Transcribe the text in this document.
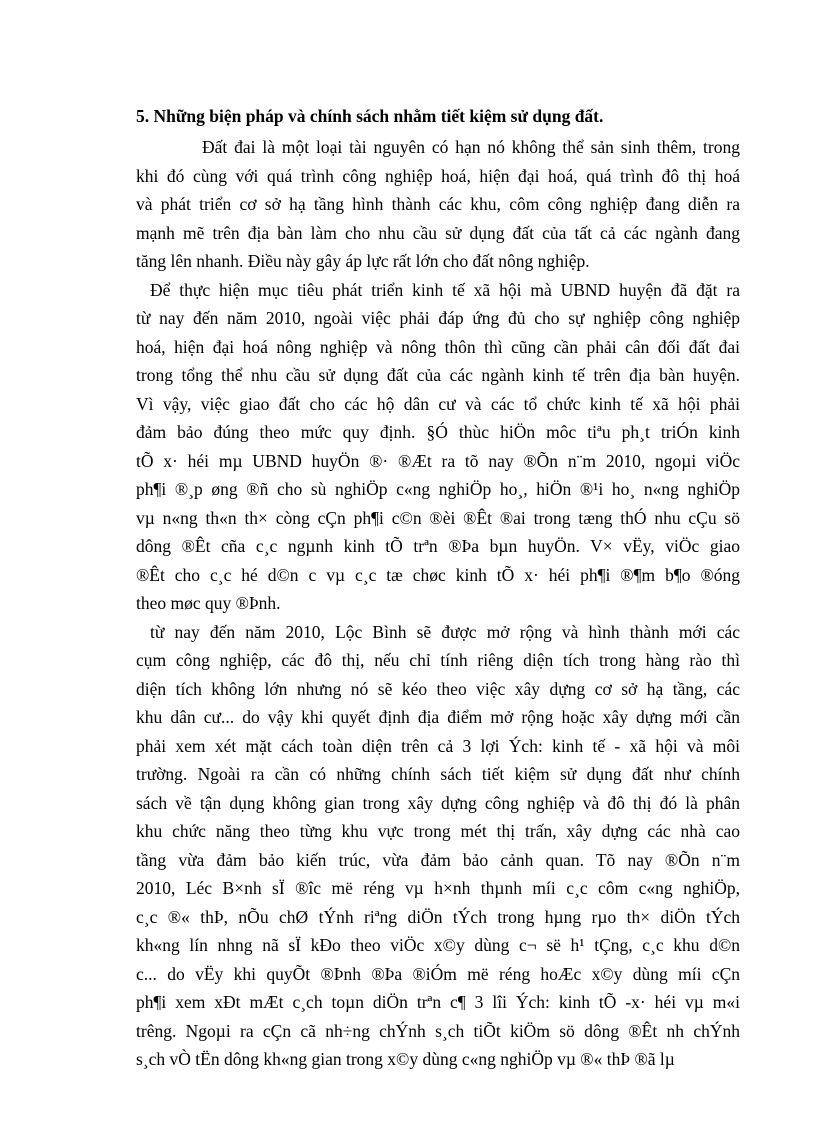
5. Những biện pháp và chính sách nhằm tiết kiệm sử dụng đất.
Đất đai là một loại tài nguyên có hạn nó không thể sản sinh thêm, trong
khi đó cùng với quá trình công nghiệp hoá, hiện đại hoá, quá trình đô thị hoá
và phát triển cơ sở hạ tầng hình thành các khu, côm công nghiệp đang diễn ra
mạnh mẽ trên địa bàn làm cho nhu cầu sử dụng đất của tất cả các ngành đang
tăng lên nhanh. Điều này gây áp lực rất lớn cho đất nông nghiệp.
Để thực hiện mục tiêu phát triển kinh tế xã hội mà UBND huyện đã đặt ra
từ nay đến năm 2010, ngoài việc phải đáp ứng đủ cho sự nghiệp công nghiệp
hoá, hiện đại hoá nông nghiệp và nông thôn thì cũng cần phải cân đối đất đai
trong tổng thể nhu cầu sử dụng đất của các ngành kinh tế trên địa bàn huyện.
Vì vậy, việc giao đất cho các hộ dân cư và các tổ chức kinh tế xã hội phải
đảm bảo đúng theo mức quy định. §Ó thùc hiÖn môc tiªu ph¸t triÓn kinh
tÕ x· héi mµ UBND huyÖn ®· ®Æt ra tõ nay ®Õn n¨m 2010, ngoµi viÖc
ph¶i ®¸p øng ®ñ cho sù nghiÖp c«ng nghiÖp ho¸, hiÖn ®¹i ho¸ n«ng nghiÖp
vµ n«ng th«n th× còng cÇn ph¶i c©n ®èi ®Êt ®ai trong tæng thÓ nhu cÇu sö
dông ®Êt cña c¸c ngµnh kinh tÕ trªn ®Þa bµn huyÖn. V× vËy, viÖc giao
®Êt cho c¸c hé d©n c vµ c¸c tæ chøc kinh tÕ x· héi ph¶i ®¶m b¶o ®óng
theo møc quy ®Þnh.
từ nay đến năm 2010, Lộc Bình sẽ được mở rộng và hình thành mới các
cụm công nghiệp, các đô thị, nếu chỉ tính riêng diện tích trong hàng rào thì
diện tích không lớn nhưng nó sẽ kéo theo việc xây dựng cơ sở hạ tầng, các
khu dân cư... do vậy khi quyết định địa điểm mở rộng hoặc xây dựng mới cần
phải xem xét mặt cách toàn diện trên cả 3 lợi Ých: kinh tế - xã hội và môi
trường. Ngoài ra cần có những chính sách tiết kiệm sử dụng đất như chính
sách về tận dụng không gian trong xây dựng công nghiệp và đô thị đó là phân
khu chức năng theo từng khu vực trong mét thị trấn, xây dựng các nhà cao
tầng vừa đảm bảo kiến trúc, vừa đảm bảo cảnh quan. Tõ nay ®Õn n¨m
2010, Léc B×nh sÏ ®îc më réng vµ h×nh thµnh míi c¸c côm c«ng nghiÖp,
c¸c ®« thÞ, nÕu chØ tÝnh riªng diÖn tÝch trong hµng rµo th× diÖn tÝch
kh«ng lín nhng nã sÏ kÐo theo viÖc x©y dùng c¬ së h¹ tÇng, c¸c khu d©n
c... do vËy khi quyÕt ®Þnh ®Þa ®iÓm më réng hoÆc x©y dùng míi cÇn
ph¶i xem xÐt mÆt c¸ch toµn diÖn trªn c¶ 3 lîi Ých: kinh tÕ -x· héi vµ m«i
trêng. Ngoµi ra cÇn cã nh÷ng chÝnh s¸ch tiÕt kiÖm sö dông ®Êt nh chÝnh
s¸ch vÒ tËn dông kh«ng gian trong x©y dùng c«ng nghiÖp vµ ®« thÞ ®ã lµ
